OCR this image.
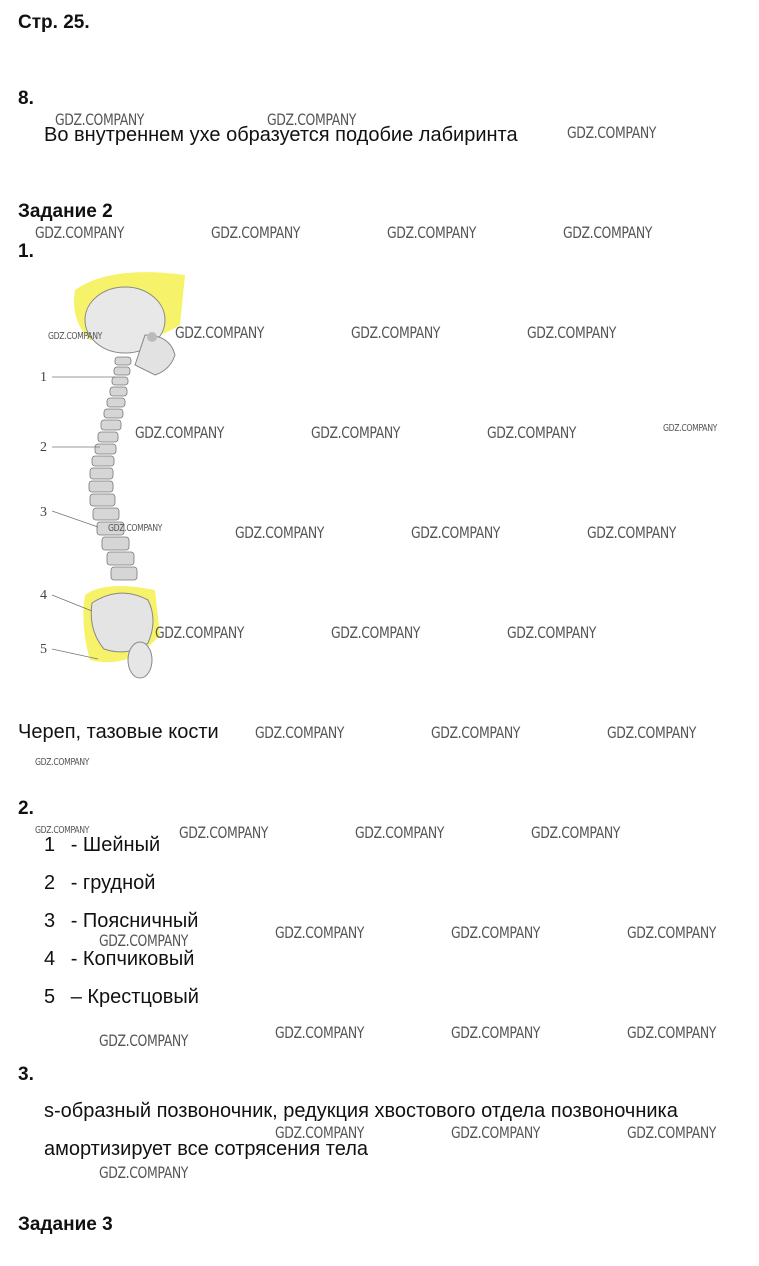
Стр. 25.
8.
Во внутреннем ухе образуется подобие лабиринта
Задание 2
1.
1
2
3
4
5
Череп, тазовые кости
2.
1 - Шейный
2 - грудной
3 - Поясничный
4 - Копчиковый
5 – Крестцовый
3.
s-образный позвоночник, редукция хвостового отдела позвоночника
амортизирует все сотрясения тела
Задание 3
GDZ.COMPANY	GDZ.COMPANY
GDZ.COMPANY
GDZ.COMPANY	GDZ.COMPANY	GDZ.COMPANY	GDZ.COMPANY
GDZ.COMPANY	GDZ.COMPANY	GDZ.COMPANY	GDZ.COMPANY
GDZ.COMPANY	GDZ.COMPANY	GDZ.COMPANY	GDZ.COMPANY
GDZ.COMPANY	GDZ.COMPANY	GDZ.COMPANY	GDZ.COMPANY
GDZ.COMPANY	GDZ.COMPANY	GDZ.COMPANY
GDZ.COMPANY	GDZ.COMPANY	GDZ.COMPANY
GDZ.COMPANY
GDZ.COMPANY	GDZ.COMPANY	GDZ.COMPANY	GDZ.COMPANY
GDZ.COMPANY	GDZ.COMPANY	GDZ.COMPANY
GDZ.COMPANY
GDZ.COMPANY	GDZ.COMPANY	GDZ.COMPANY
GDZ.COMPANY
GDZ.COMPANY	GDZ.COMPANY	GDZ.COMPANY
GDZ.COMPANY
